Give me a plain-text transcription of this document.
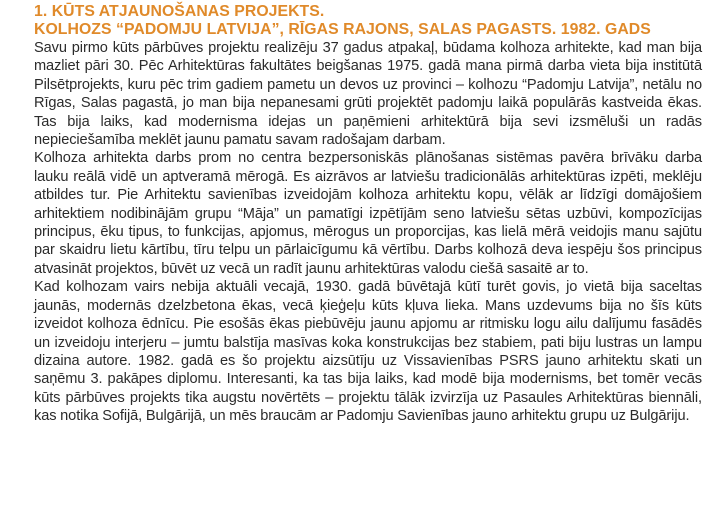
1. KŪTS ATJAUNOŠANAS PROJEKTS.
KOLHOZS “PADOMJU LATVIJA”, RĪGAS RAJONS, SALAS PAGASTS. 1982. GADS

Savu pirmo kūts pārbūves projektu realizēju 37 gadus atpakaļ, būdama kolhoza arhitekte, kad man bija mazliet pāri 30. Pēc Arhitektūras fakultātes beigšanas 1975. gadā mana pirmā darba vieta bija institūtā Pilsētprojekts, kuru pēc trim gadiem pametu un devos uz provinci – kolhozu “Padomju Latvija”, netālu no Rīgas, Salas pagastā, jo man bija nepanesami grūti projektēt padomju laikā populārās kastveida ēkas. Tas bija laiks, kad modernisma idejas un paņēmieni arhitektūrā bija sevi izsmēluši un radās nepieciešamība meklēt jaunu pamatu savam radošajam darbam.

Kolhoza arhitekta darbs prom no centra bezpersoniskās plānošanas sistēmas pavēra brīvāku darba lauku reālā vidē un aptveramā mērogā. Es aizrāvos ar latviešu tradicionālās arhitektūras izpēti, meklēju atbildes tur. Pie Arhitektu savienības izveidojām kolhoza arhitektu kopu, vēlāk ar līdzīgi domājošiem arhitektiem nodibinājām grupu “Māja” un pamatīgi izpētījām seno latviešu sētas uzbūvi, kompozīcijas principus, ēku tipus, to funkcijas, apjomus, mērogus un proporcijas, kas lielā mērā veidojis manu sajūtu par skaidru lietu kārtību, tīru telpu un pārlaicīgumu kā vērtību. Darbs kolhozā deva iespēju šos principus atvasināt projektos, būvēt uz vecā un radīt jaunu arhitektūras valodu ciešā sasaitē ar to.

Kad kolhozam vairs nebija aktuāli vecajā, 1930. gadā būvētajā kūtī turēt govis, jo vietā bija saceltas jaunās, modernās dzelzbetona ēkas, vecā ķieģeļu kūts kļuva lieka. Mans uzdevums bija no šīs kūts izveidot kolhoza ēdnīcu. Pie esošās ēkas piebūvēju jaunu apjomu ar ritmisku logu ailu dalījumu fasādēs un izveidoju interjeru – jumtu balstīja masīvas koka konstrukcijas bez stabiem, pati biju lustras un lampu dizaina autore. 1982. gadā es šo projektu aizsūtīju uz Vissavienības PSRS jauno arhitektu skati un saņēmu 3. pakāpes diplomu. Interesanti, ka tas bija laiks, kad modē bija modernisms, bet tomēr vecās kūts pārbūves projekts tika augstu novērtēts – projektu tālāk izvirzīja uz Pasaules Arhitektūras biennāli, kas notika Sofijā, Bulgārijā, un mēs braucām ar Padomju Savienības jauno arhitektu grupu uz Bulgāriju.
